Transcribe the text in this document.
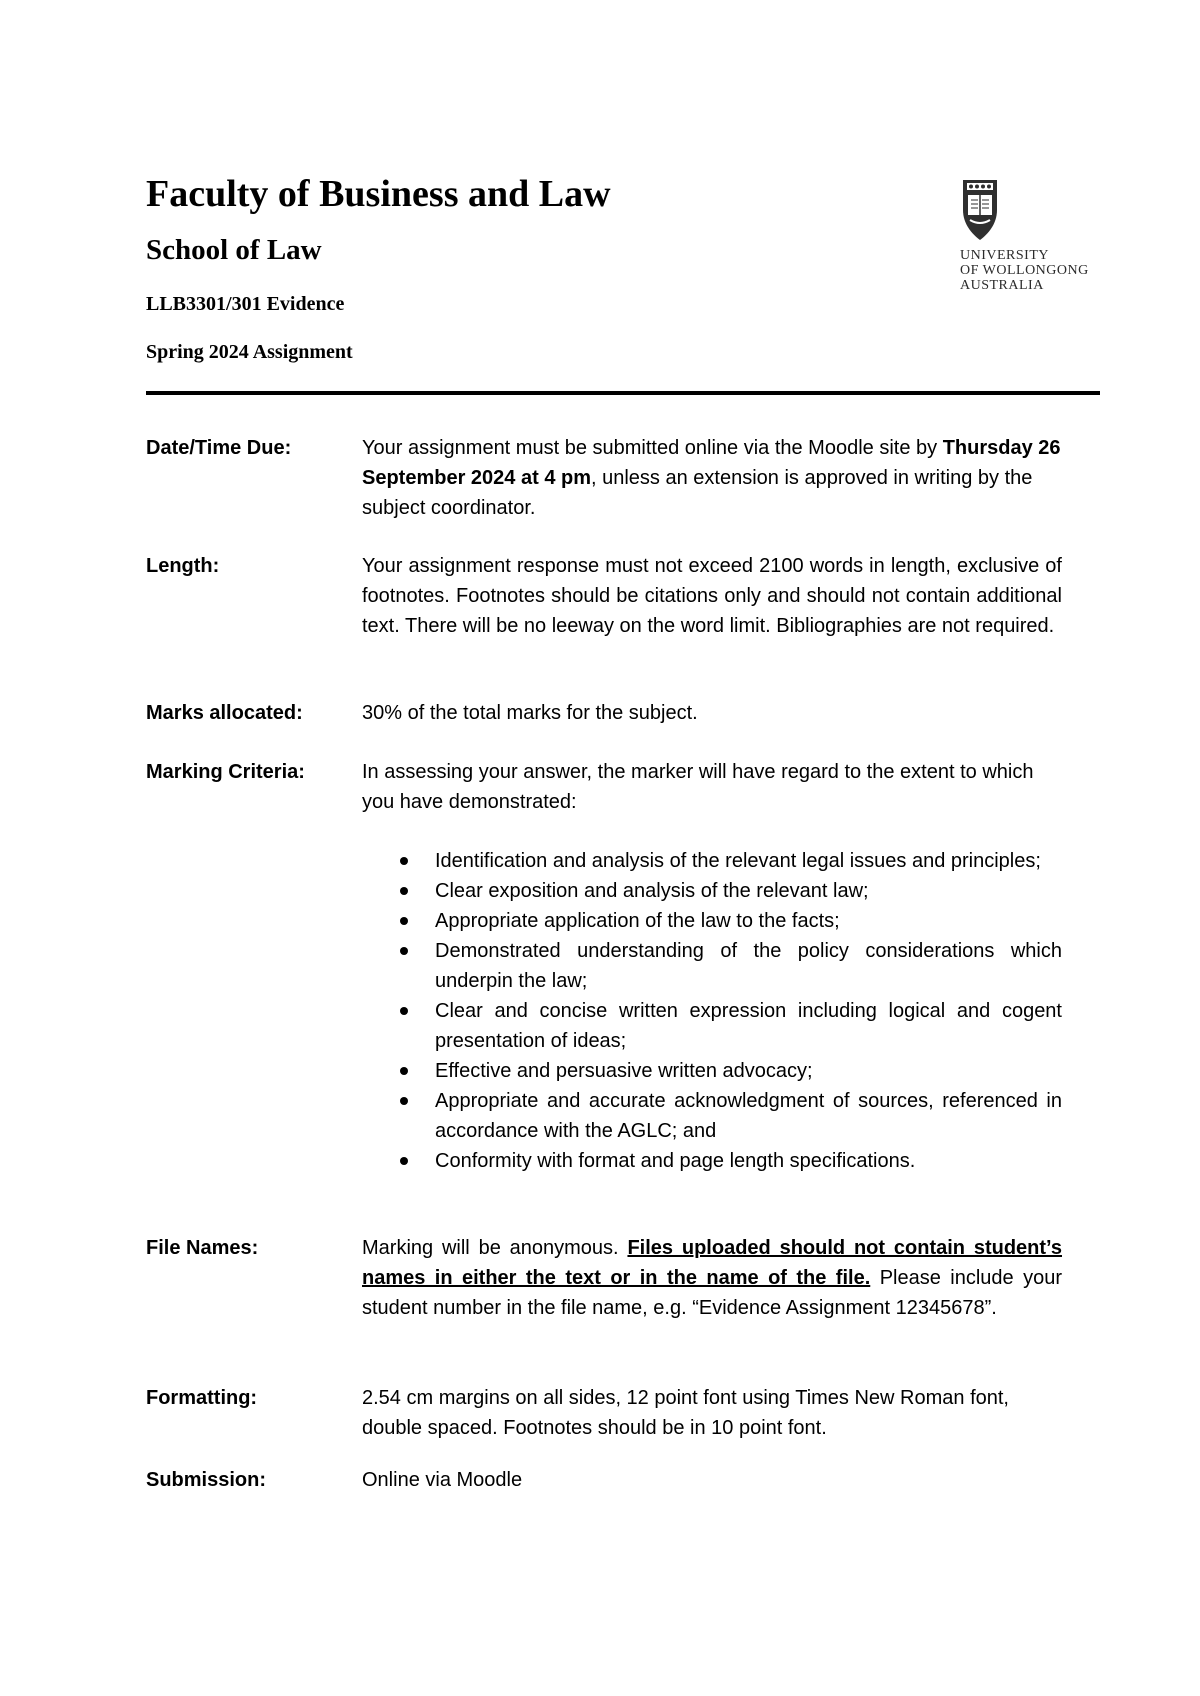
Faculty of Business and Law
School of Law
LLB3301/301 Evidence
Spring 2024 Assignment
UNIVERSITY
OF WOLLONGONG
AUSTRALIA
Date/Time Due:	Your assignment must be submitted online via the Moodle site by Thursday 26 September 2024 at 4 pm, unless an extension is approved in writing by the subject coordinator.

Length:	Your assignment response must not exceed 2100 words in length, exclusive of footnotes. Footnotes should be citations only and should not contain additional text. There will be no leeway on the word limit. Bibliographies are not required.

Marks allocated:	30% of the total marks for the subject.

Marking Criteria:	In assessing your answer, the marker will have regard to the extent to which you have demonstrated:

Identification and analysis of the relevant legal issues and principles;
Clear exposition and analysis of the relevant law;
Appropriate application of the law to the facts;
Demonstrated understanding of the policy considerations which underpin the law;
Clear and concise written expression including logical and cogent presentation of ideas;
Effective and persuasive written advocacy;
Appropriate and accurate acknowledgment of sources, referenced in accordance with the AGLC; and
Conformity with format and page length specifications.
File Names:	Marking will be anonymous. Files uploaded should not contain student’s names in either the text or in the name of the file. Please include your student number in the file name, e.g. “Evidence Assignment 12345678”.

Formatting:	2.54 cm margins on all sides, 12 point font using Times New Roman font, double spaced. Footnotes should be in 10 point font.

Submission:	Online via Moodle
